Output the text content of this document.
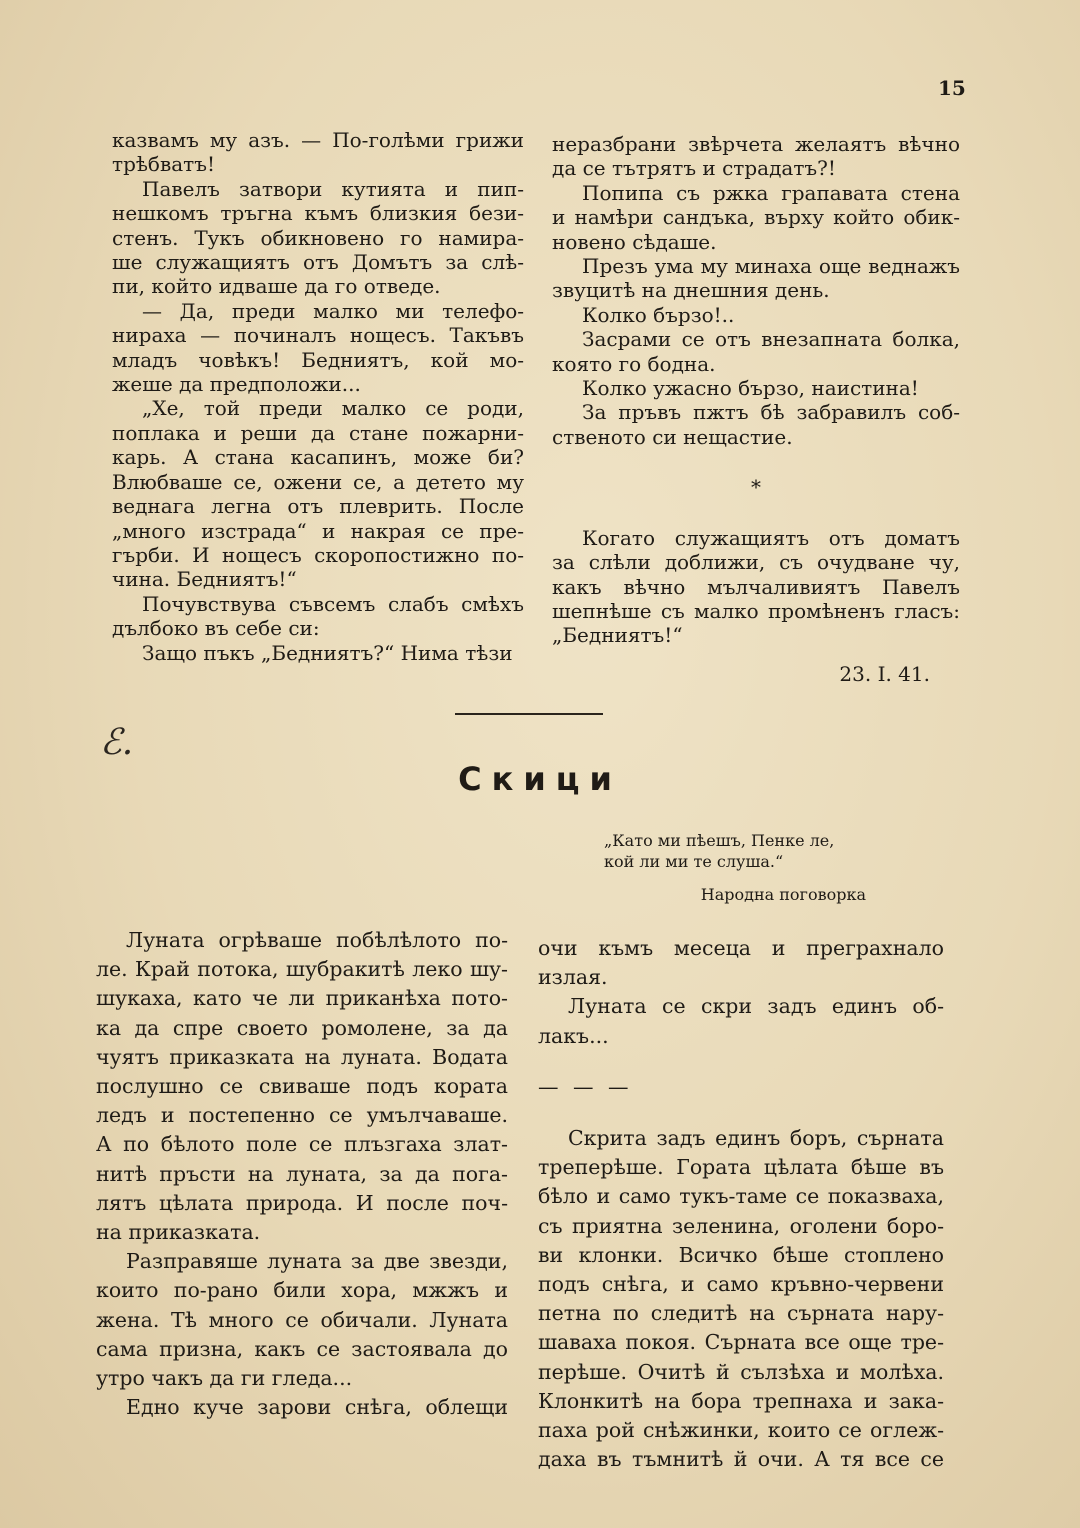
15

казвамъ му азъ. — По-голѣми грижи

трѣбватъ!

Павелъ затвори кутията и пип-

нешкомъ тръгна къмъ близкия бези-

стенъ. Тукъ обикновено го намира-

ше служащиятъ отъ Домътъ за слѣ-

пи, който идваше да го отведе.

— Да, преди малко ми телефо-

нираха — починалъ нощесъ. Такъвъ

младъ човѣкъ! Бедниятъ, кой мо-

жеше да предположи...

„Хе, той преди малко се роди,

поплака и реши да стане пожарни-

карь. А стана касапинъ, може би?

Влюбваше се, ожени се, а детето му

веднага легна отъ плеврить. После

„много изстрада“ и накрая се пре-

гърби. И нощесъ скоропостижно по-

чина. Бедниятъ!“

Почувствува съвсемъ слабъ смѣхъ

дълбоко въ себе си:

Защо пъкъ „Бедниятъ?“ Нима тѣзи

неразбрани звѣрчета желаятъ вѣчно

да се тътрятъ и страдатъ?!

Попипа съ ржка грапавата стена

и намѣри сандъка, върху който обик-

новено сѣдаше.

Презъ ума му минаха още веднажъ

звуцитѣ на днешния день.

Колко бързо!..

Засрами се отъ внезапната болка,

която го бодна.

Колко ужасно бързо, наистина!

За пръвъ пжтъ бѣ забравилъ соб-

ственото си нещастие.

*

Когато служащиятъ отъ доматъ

за слѣли доближи, съ очудване чу,

какъ вѣчно мълчаливиятъ Павелъ

шепнѣше съ малко промѣненъ гласъ:

„Бедниятъ!“

23. I. 41.

ℰ.
Скици

„Като ми пѣешъ, Пенке ле,

кой ли ми те слуша.“

Народна поговорка

Луната огрѣваше побѣлѣлото по-

ле. Край потока, шубракитѣ леко шу-

шукаха, като че ли приканѣха пото-

ка да спре своето ромолене, за да

чуятъ приказката на луната. Водата

послушно се свиваше подъ кората

ледъ и постепенно се умълчаваше.

А по бѣлото поле се плъзгаха злат-

нитѣ пръсти на луната, за да пога-

лятъ цѣлата природа. И после поч-

на приказката.

Разправяше луната за две звезди,

които по-рано били хора, мжжъ и

жена. Тѣ много се обичали. Луната

сама призна, какъ се застоявала до

утро чакъ да ги гледа...

Едно куче зарови снѣга, облещи

очи къмъ месеца и преграхнало излая.

Луната се скри задъ единъ об-

лакъ...

— — —

Скрита задъ единъ боръ, сърната

треперѣше. Гората цѣлата бѣше въ

бѣло и само тукъ-таме се показваха,

съ приятна зеленина, оголени боро-

ви клонки. Всичко бѣше стоплено

подъ снѣга, и само кръвно-червени

петна по следитѣ на сърната нару-

шаваха покоя. Сърната все още тре-

перѣше. Очитѣ й сълзѣха и молѣха.

Клонкитѣ на бора трепнаха и зака-

паха рой снѣжинки, които се оглеж-

даха въ тъмнитѣ й очи. А тя все се
